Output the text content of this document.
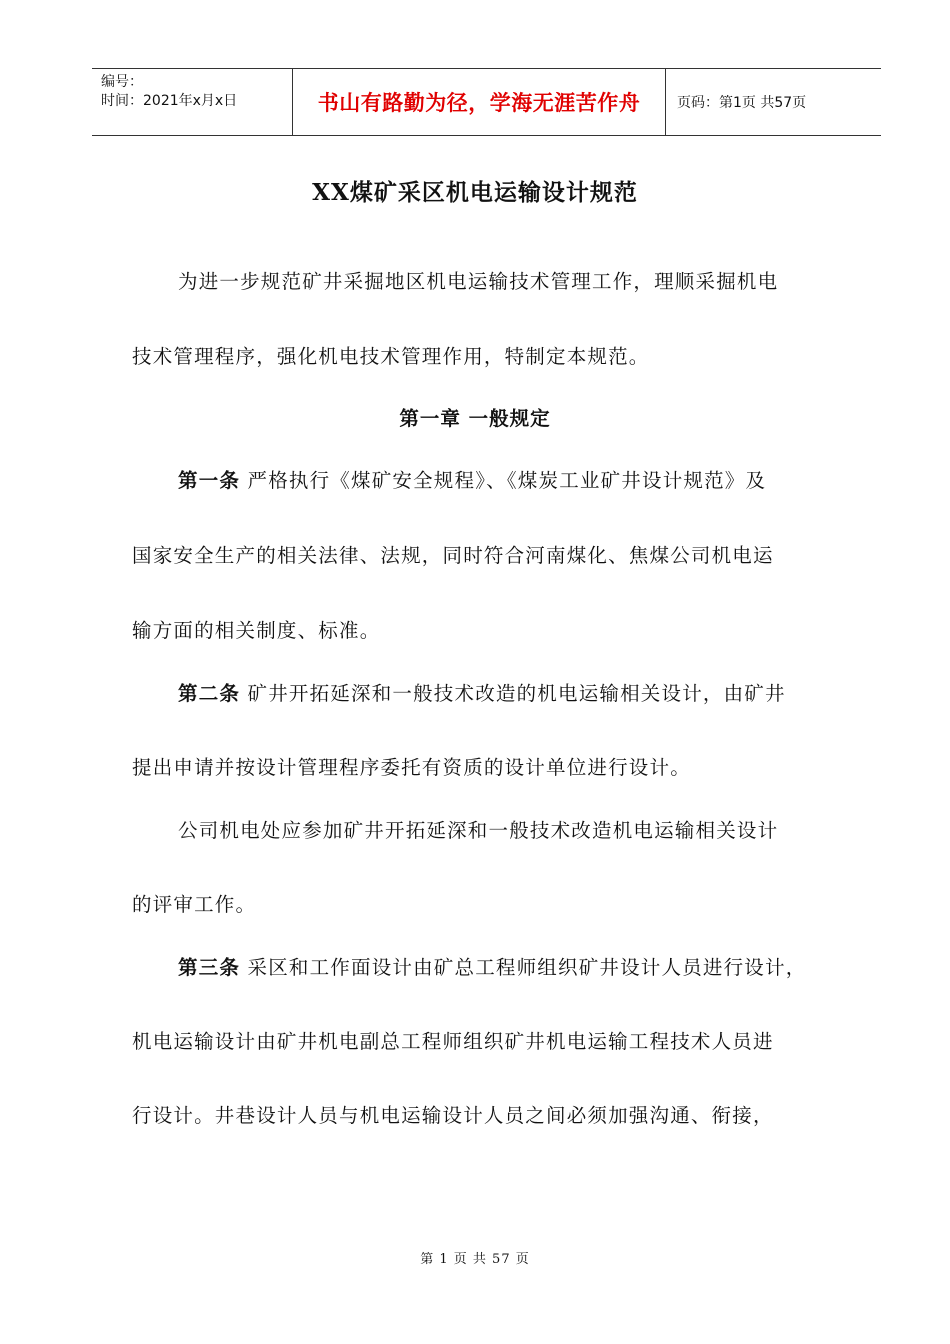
编号：
时间：2021年x月x日	书山有路勤为径，学海无涯苦作舟	页码：第1页 共57页
XX煤矿采区机电运输设计规范
为进一步规范矿井采掘地区机电运输技术管理工作，理顺采掘机电
技术管理程序，强化机电技术管理作用，特制定本规范。
第一章 一般规定
第一条 严格执行《煤矿安全规程》、《煤炭工业矿井设计规范》及
国家安全生产的相关法律、法规，同时符合河南煤化、焦煤公司机电运
输方面的相关制度、标准。
第二条 矿井开拓延深和一般技术改造的机电运输相关设计，由矿井
提出申请并按设计管理程序委托有资质的设计单位进行设计。
公司机电处应参加矿井开拓延深和一般技术改造机电运输相关设计
的评审工作。
第三条 采区和工作面设计由矿总工程师组织矿井设计人员进行设计，
机电运输设计由矿井机电副总工程师组织矿井机电运输工程技术人员进
行设计。井巷设计人员与机电运输设计人员之间必须加强沟通、衔接，
第 1 页 共 57 页
